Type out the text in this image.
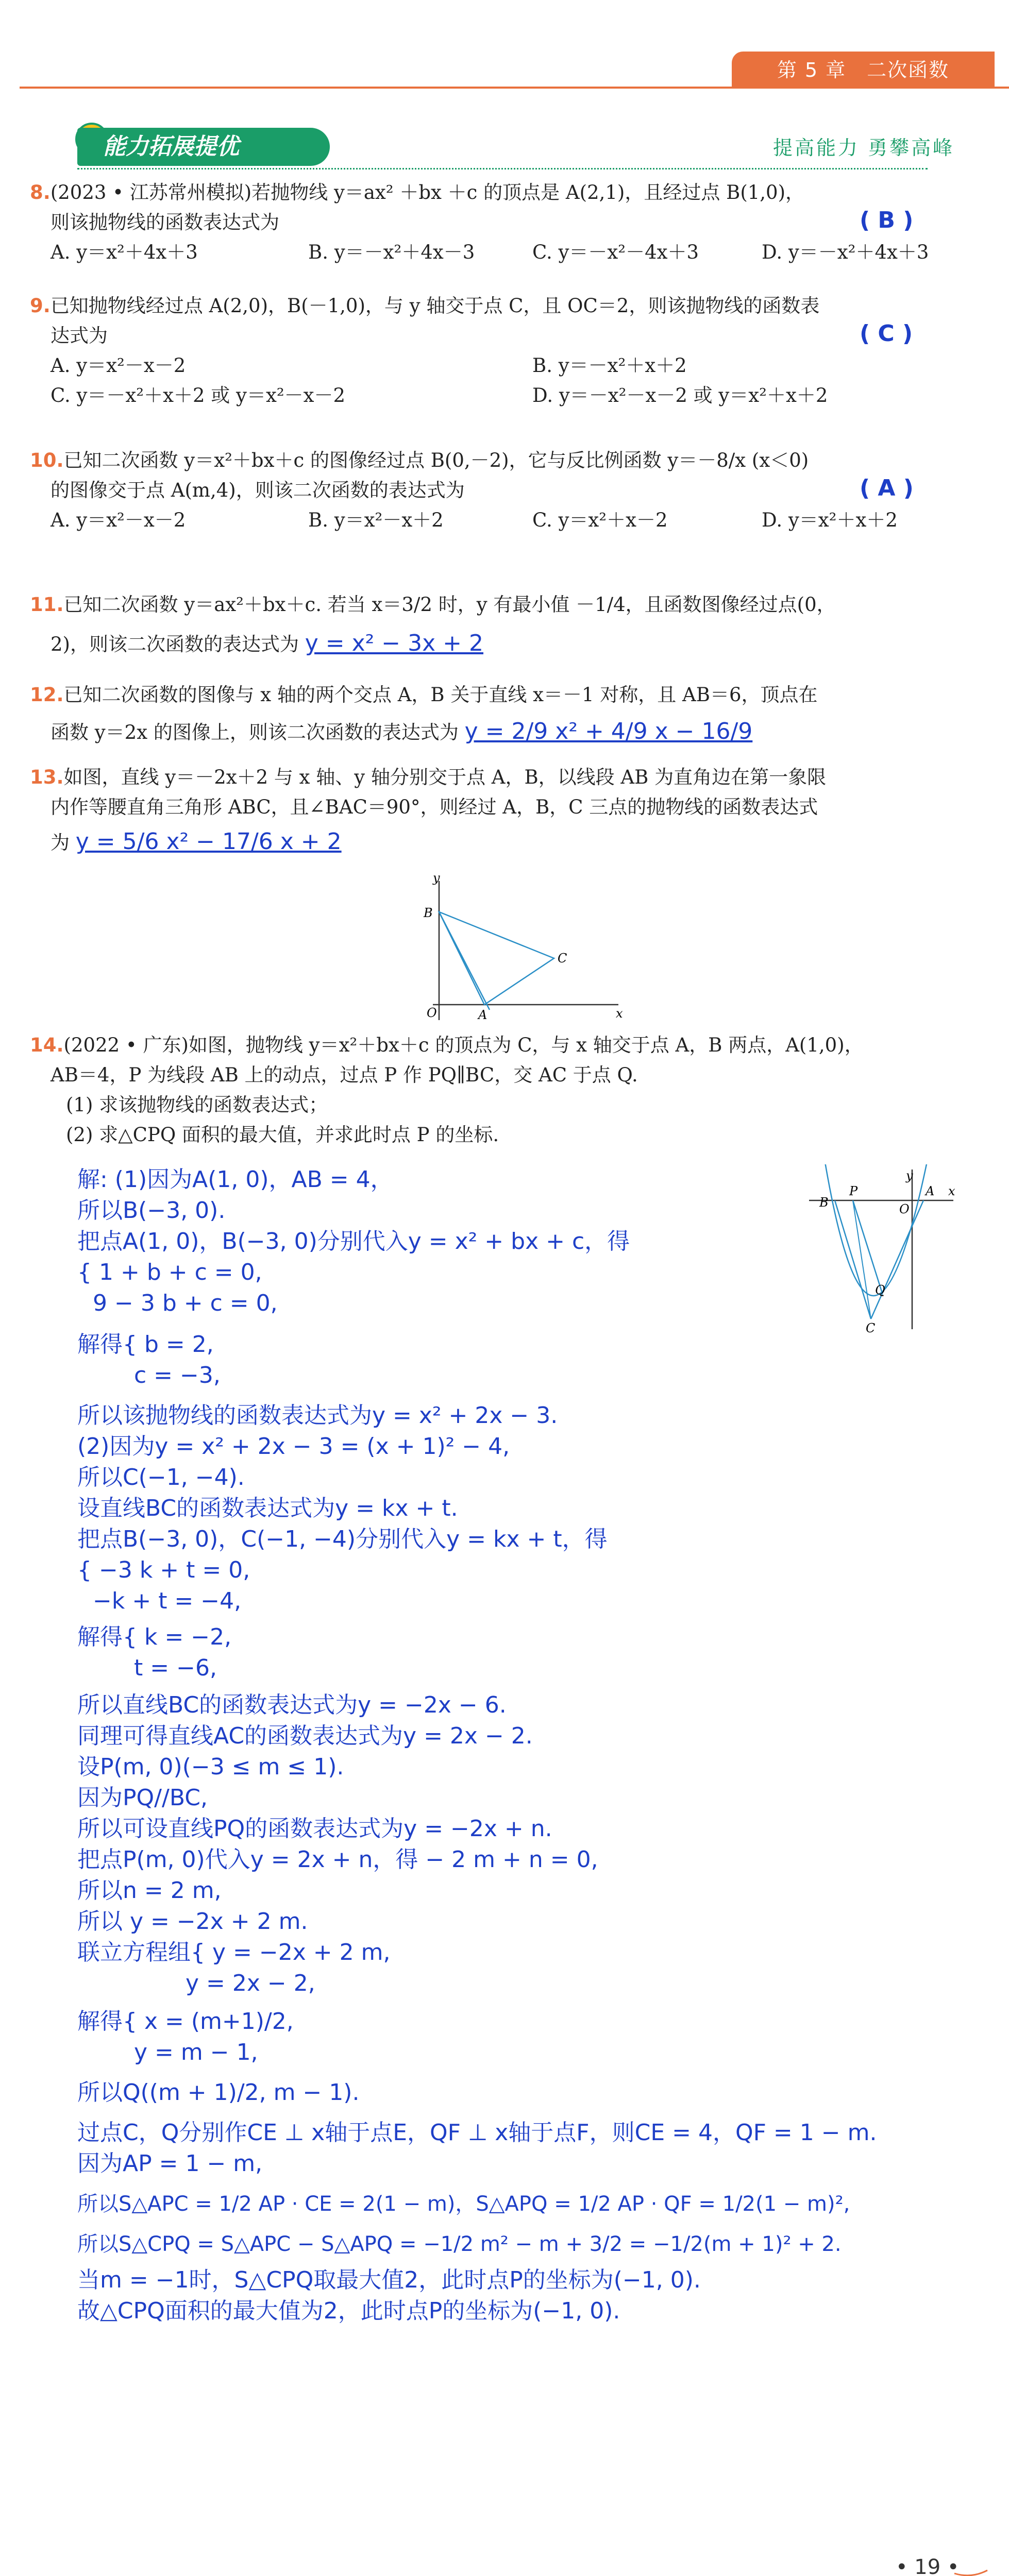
第 5 章　二次函数
能力拓展提优	提高能力 勇攀高峰
8.(2023 • 江苏常州模拟)若抛物线 y＝ax² ＋bx ＋c 的顶点是 A(2,1)，且经过点 B(1,0)，
则该抛物线的函数表达式为	( B )
A. y＝x²＋4x＋3	B. y＝－x²＋4x－3	C. y＝－x²－4x＋3	D. y＝－x²＋4x＋3
9.已知抛物线经过点 A(2,0)，B(－1,0)，与 y 轴交于点 C，且 OC＝2，则该抛物线的函数表
达式为	( C )
A. y＝x²－x－2	B. y＝－x²＋x＋2
C. y＝－x²＋x＋2 或 y＝x²－x－2	D. y＝－x²－x－2 或 y＝x²＋x＋2
10.已知二次函数 y＝x²＋bx＋c 的图像经过点 B(0,－2)，它与反比例函数 y＝－8/x (x＜0)
的图像交于点 A(m,4)，则该二次函数的表达式为	( A )
A. y＝x²－x－2	B. y＝x²－x＋2	C. y＝x²＋x－2	D. y＝x²＋x＋2
11.已知二次函数 y＝ax²＋bx＋c. 若当 x＝3/2 时，y 有最小值 －1/4，且函数图像经过点(0，
2)，则该二次函数的表达式为 y = x² − 3x + 2
12.已知二次函数的图像与 x 轴的两个交点 A，B 关于直线 x＝－1 对称，且 AB＝6，顶点在
函数 y＝2x 的图像上，则该二次函数的表达式为 y = 2/9 x² + 4/9 x − 16/9
13.如图，直线 y＝－2x＋2 与 x 轴、y 轴分别交于点 A，B，以线段 AB 为直角边在第一象限
内作等腰直角三角形 ABC，且∠BAC＝90°，则经过 A，B，C 三点的抛物线的函数表达式
为 y = 5/6 x² − 17/6 x + 2
y
x
B
C
O	A
14.(2022 • 广东)如图，抛物线 y＝x²＋bx＋c 的顶点为 C，与 x 轴交于点 A，B 两点，A(1,0)，
AB＝4，P 为线段 AB 上的动点，过点 P 作 PQ∥BC，交 AC 于点 Q.
(1) 求该抛物线的函数表达式；
(2) 求△CPQ 面积的最大值，并求此时点 P 的坐标.
y
x
B
P
O
A
Q
C
解: (1)因为A(1, 0)，AB = 4，
所以B(−3, 0).
把点A(1, 0)，B(−3, 0)分别代入y = x² + bx + c，得
{ 1 + b + c = 0,
9 − 3 b + c = 0,
解得{ b = 2,
c = −3,
所以该抛物线的函数表达式为y = x² + 2x − 3.
(2)因为y = x² + 2x − 3 = (x + 1)² − 4,
所以C(−1, −4).
设直线BC的函数表达式为y = kx + t.
把点B(−3, 0)，C(−1, −4)分别代入y = kx + t，得
{ −3 k + t = 0,
−k + t = −4,
解得{ k = −2,
t = −6,
所以直线BC的函数表达式为y = −2x − 6.
同理可得直线AC的函数表达式为y = 2x − 2.
设P(m, 0)(−3 ≤ m ≤ 1).
因为PQ//BC,
所以可设直线PQ的函数表达式为y = −2x + n.
把点P(m, 0)代入y = 2x + n，得 − 2 m + n = 0,
所以n = 2 m,
所以 y = −2x + 2 m.
联立方程组{ y = −2x + 2 m,
y = 2x − 2,
解得{ x = (m+1)/2,
y = m − 1,
所以Q((m + 1)/2, m − 1).
过点C，Q分别作CE ⊥ x轴于点E，QF ⊥ x轴于点F，则CE = 4，QF = 1 − m.
因为AP = 1 − m,
所以S△APC = 1/2 AP · CE = 2(1 − m)，S△APQ = 1/2 AP · QF = 1/2(1 − m)²,
所以S△CPQ = S△APC − S△APQ = −1/2 m² − m + 3/2 = −1/2(m + 1)² + 2.
当m = −1时，S△CPQ取最大值2，此时点P的坐标为(−1, 0).
故△CPQ面积的最大值为2，此时点P的坐标为(−1, 0).
• 19 •
